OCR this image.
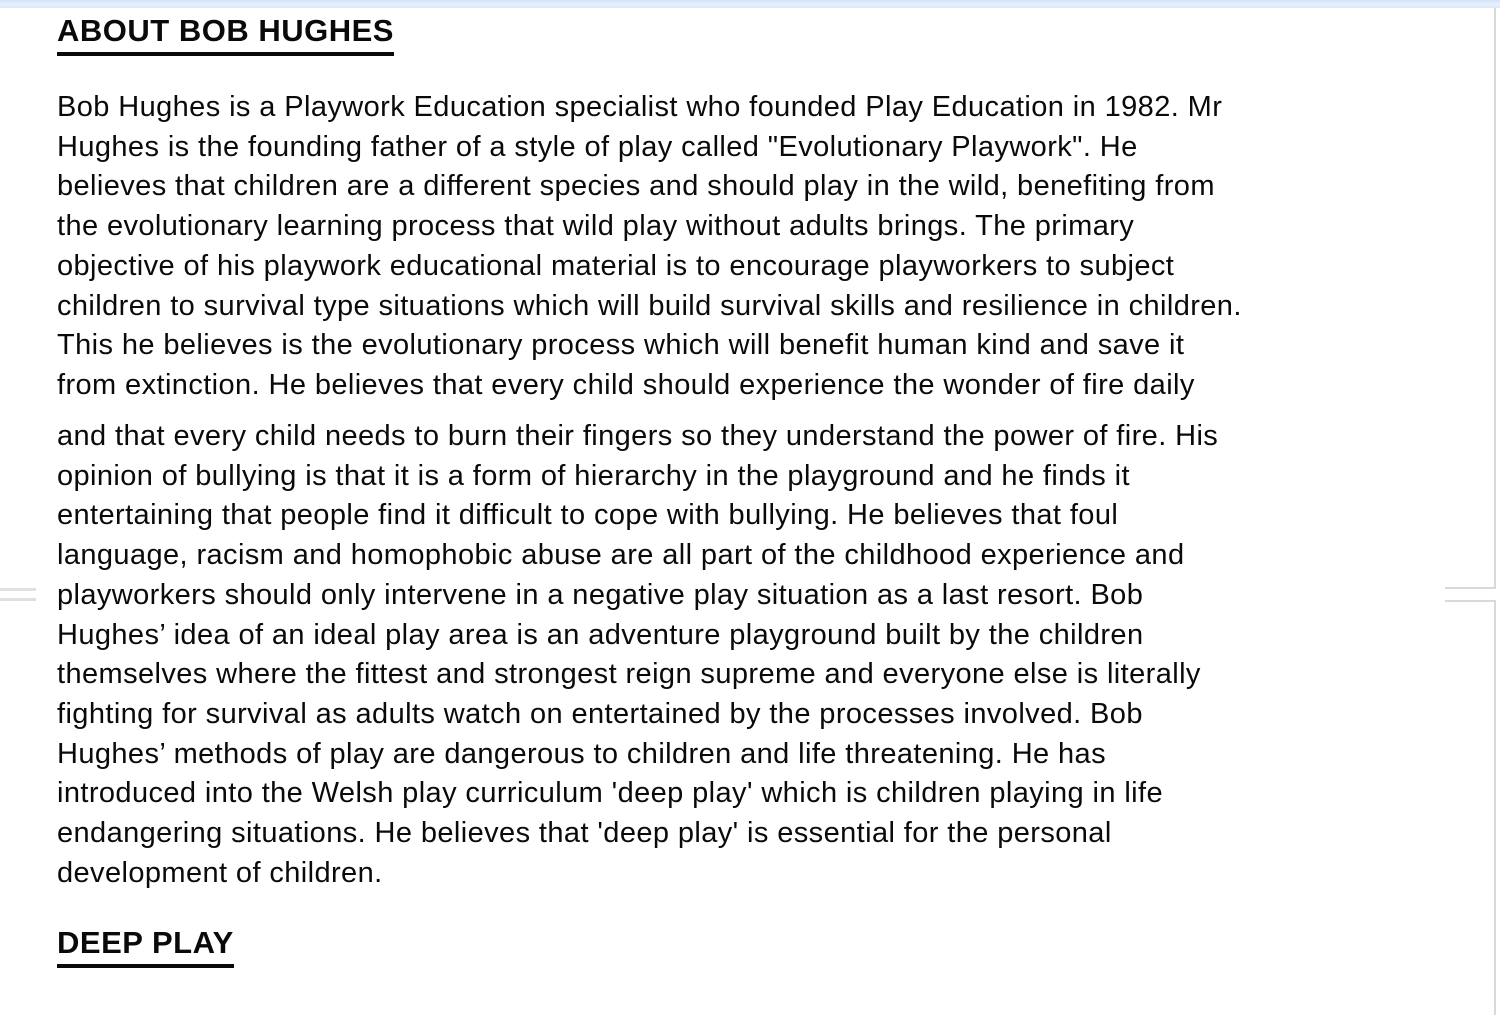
ABOUT BOB HUGHES
Bob Hughes is a Playwork Education specialist who founded Play Education in 1982. Mr
Hughes is the founding father of a style of play called "Evolutionary Playwork". He
believes that children are a different species and should play in the wild, benefiting from
the evolutionary learning process that wild play without adults brings. The primary
objective of his playwork educational material is to encourage playworkers to subject
children to survival type situations which will build survival skills and resilience in children.
This he believes is the evolutionary process which will benefit human kind and save it
from extinction. He believes that every child should experience the wonder of fire daily
and that every child needs to burn their fingers so they understand the power of fire. His
opinion of bullying is that it is a form of hierarchy in the playground and he finds it
entertaining that people find it difficult to cope with bullying. He believes that foul
language, racism and homophobic abuse are all part of the childhood experience and
playworkers should only intervene in a negative play situation as a last resort. Bob
Hughes’ idea of an ideal play area is an adventure playground built by the children
themselves where the fittest and strongest reign supreme and everyone else is literally
fighting for survival as adults watch on entertained by the processes involved. Bob
Hughes’ methods of play are dangerous to children and life threatening. He has
introduced into the Welsh play curriculum 'deep play' which is children playing in life
endangering situations. He believes that 'deep play' is essential for the personal
development of children.
DEEP PLAY
